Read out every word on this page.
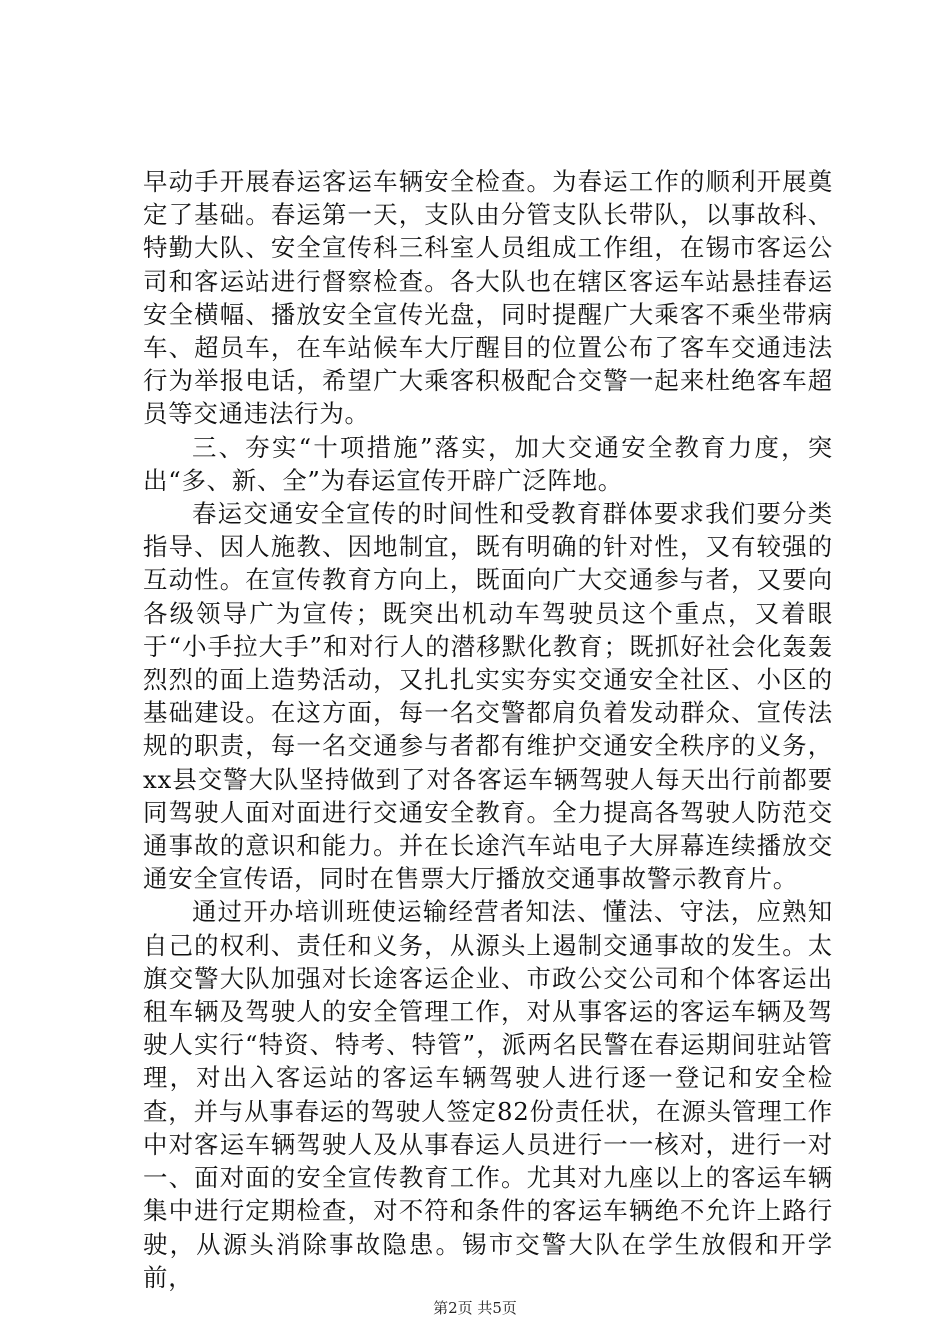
早动手开展春运客运车辆安全检查。为春运工作的顺利开展奠定了基础。春运第一天，支队由分管支队长带队，以事故科、特勤大队、安全宣传科三科室人员组成工作组，在锡市客运公司和客运站进行督察检查。各大队也在辖区客运车站悬挂春运安全横幅、播放安全宣传光盘，同时提醒广大乘客不乘坐带病车、超员车，在车站候车大厅醒目的位置公布了客车交通违法行为举报电话，希望广大乘客积极配合交警一起来杜绝客车超员等交通违法行为。

三、夯实“十项措施”落实，加大交通安全教育力度，突出“多、新、全”为春运宣传开辟广泛阵地。

春运交通安全宣传的时间性和受教育群体要求我们要分类指导、因人施教、因地制宜，既有明确的针对性，又有较强的互动性。在宣传教育方向上，既面向广大交通参与者，又要向各级领导广为宣传；既突出机动车驾驶员这个重点，又着眼于“小手拉大手”和对行人的潜移默化教育；既抓好社会化轰轰烈烈的面上造势活动，又扎扎实实夯实交通安全社区、小区的基础建设。在这方面，每一名交警都肩负着发动群众、宣传法规的职责，每一名交通参与者都有维护交通安全秩序的义务，xx县交警大队坚持做到了对各客运车辆驾驶人每天出行前都要同驾驶人面对面进行交通安全教育。全力提高各驾驶人防范交通事故的意识和能力。并在长途汽车站电子大屏幕连续播放交通安全宣传语，同时在售票大厅播放交通事故警示教育片。

通过开办培训班使运输经营者知法、懂法、守法，应熟知自己的权利、责任和义务，从源头上遏制交通事故的发生。太旗交警大队加强对长途客运企业、市政公交公司和个体客运出租车辆及驾驶人的安全管理工作，对从事客运的客运车辆及驾驶人实行“特资、特考、特管”，派两名民警在春运期间驻站管理，对出入客运站的客运车辆驾驶人进行逐一登记和安全检查，并与从事春运的驾驶人签定82份责任状，在源头管理工作中对客运车辆驾驶人及从事春运人员进行一一核对，进行一对一、面对面的安全宣传教育工作。尤其对九座以上的客运车辆集中进行定期检查，对不符和条件的客运车辆绝不允许上路行驶，从源头消除事故隐患。锡市交警大队在学生放假和开学前，

第2页 共5页
